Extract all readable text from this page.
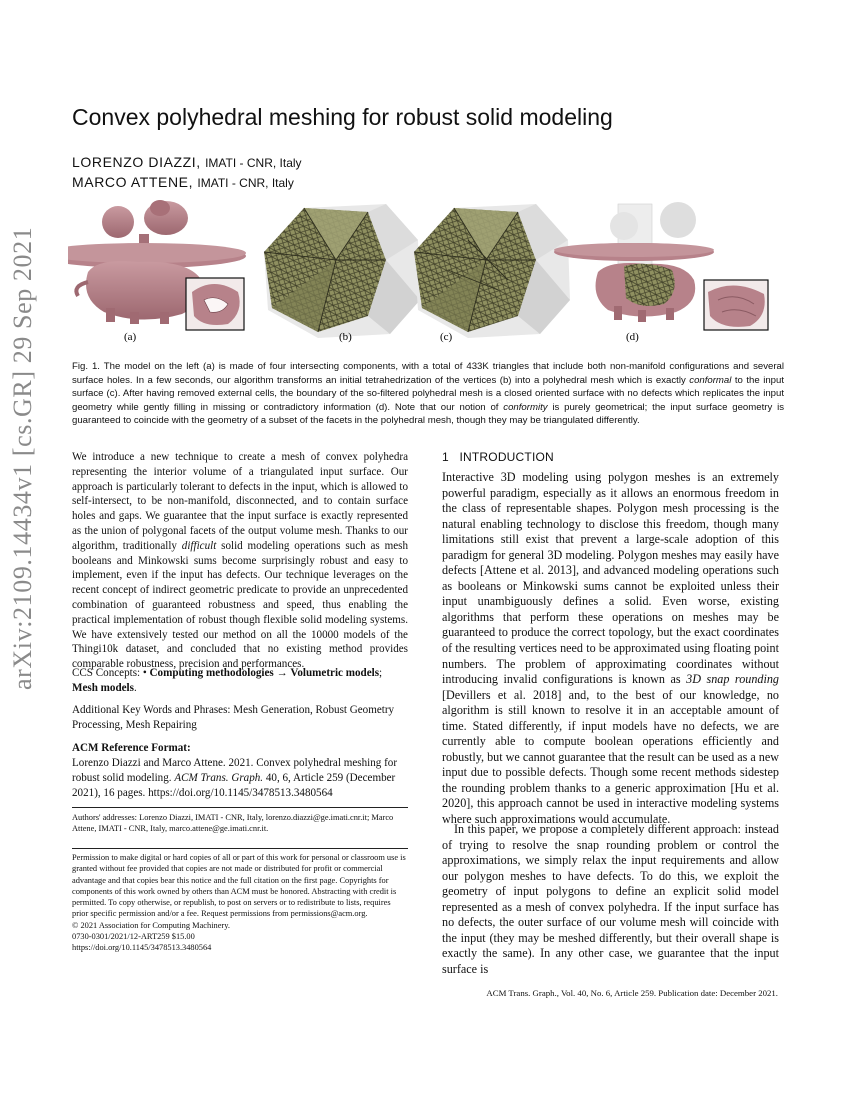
arXiv:2109.14434v1 [cs.GR] 29 Sep 2021
Convex polyhedral meshing for robust solid modeling
LORENZO DIAZZI, IMATI - CNR, Italy
MARCO ATTENE, IMATI - CNR, Italy
(a)	(b)	(c)	(d)
Fig. 1. The model on the left (a) is made of four intersecting components, with a total of 433K triangles that include both non-manifold configurations and several surface holes. In a few seconds, our algorithm transforms an initial tetrahedrization of the vertices (b) into a polyhedral mesh which is exactly conformal to the input surface (c). After having removed external cells, the boundary of the so-filtered polyhedral mesh is a closed oriented surface with no defects which replicates the input geometry while gently filling in missing or contradictory information (d). Note that our notion of conformity is purely geometrical; the input surface geometry is guaranteed to coincide with the geometry of a subset of the facets in the polyhedral mesh, though they may be triangulated differently.
We introduce a new technique to create a mesh of convex polyhedra representing the interior volume of a triangulated input surface. Our approach is particularly tolerant to defects in the input, which is allowed to self-intersect, to be non-manifold, disconnected, and to contain surface holes and gaps. We guarantee that the input surface is exactly represented as the union of polygonal facets of the output volume mesh. Thanks to our algorithm, traditionally difficult solid modeling operations such as mesh booleans and Minkowski sums become surprisingly robust and easy to implement, even if the input has defects. Our technique leverages on the recent concept of indirect geometric predicate to provide an unprecedented combination of guaranteed robustness and speed, thus enabling the practical implementation of robust though flexible solid modeling systems. We have extensively tested our method on all the 10000 models of the Thingi10k dataset, and concluded that no existing method provides comparable robustness, precision and performances.
CCS Concepts: • Computing methodologies → Volumetric models; Mesh models.
Additional Key Words and Phrases: Mesh Generation, Robust Geometry Processing, Mesh Repairing
ACM Reference Format:
Lorenzo Diazzi and Marco Attene. 2021. Convex polyhedral meshing for robust solid modeling. ACM Trans. Graph. 40, 6, Article 259 (December 2021), 16 pages. https://doi.org/10.1145/3478513.3480564
Authors' addresses: Lorenzo Diazzi, IMATI - CNR, Italy, lorenzo.diazzi@ge.imati.cnr.it; Marco Attene, IMATI - CNR, Italy, marco.attene@ge.imati.cnr.it.

Permission to make digital or hard copies of all or part of this work for personal or classroom use is granted without fee provided that copies are not made or distributed for profit or commercial advantage and that copies bear this notice and the full citation on the first page. Copyrights for components of this work owned by others than ACM must be honored. Abstracting with credit is permitted. To copy otherwise, or republish, to post on servers or to redistribute to lists, requires prior specific permission and/or a fee. Request permissions from permissions@acm.org.

© 2021 Association for Computing Machinery.

0730-0301/2021/12-ART259 $15.00

https://doi.org/10.1145/3478513.3480564

1 INTRODUCTION
Interactive 3D modeling using polygon meshes is an extremely powerful paradigm, especially as it allows an enormous freedom in the class of representable shapes. Polygon mesh processing is the natural enabling technology to disclose this freedom, though many limitations still exist that prevent a large-scale adoption of this paradigm for general 3D modeling. Polygon meshes may easily have defects [Attene et al. 2013], and advanced modeling operations such as booleans or Minkowski sums cannot be exploited unless their input unambiguously defines a solid. Even worse, existing algorithms that perform these operations on meshes may be guaranteed to produce the correct topology, but the exact coordinates of the resulting vertices need to be approximated using floating point numbers. The problem of approximating coordinates without introducing invalid configurations is known as 3D snap rounding [Devillers et al. 2018] and, to the best of our knowledge, no algorithm is still known to resolve it in an acceptable amount of time. Stated differently, if input models have no defects, we are currently able to compute boolean operations efficiently and robustly, but we cannot guarantee that the result can be used as a new input due to possible defects. Though some recent methods sidestep the rounding problem thanks to a generic approximation [Hu et al. 2020], this approach cannot be used in interactive modeling systems where such approximations would accumulate.
In this paper, we propose a completely different approach: instead of trying to resolve the snap rounding problem or control the approximations, we simply relax the input requirements and allow our polygon meshes to have defects. To do this, we exploit the geometry of input polygons to define an explicit solid model represented as a mesh of convex polyhedra. If the input surface has no defects, the outer surface of our volume mesh will coincide with the input (they may be meshed differently, but their overall shape is exactly the same). In any other case, we guarantee that the input surface is
ACM Trans. Graph., Vol. 40, No. 6, Article 259. Publication date: December 2021.
